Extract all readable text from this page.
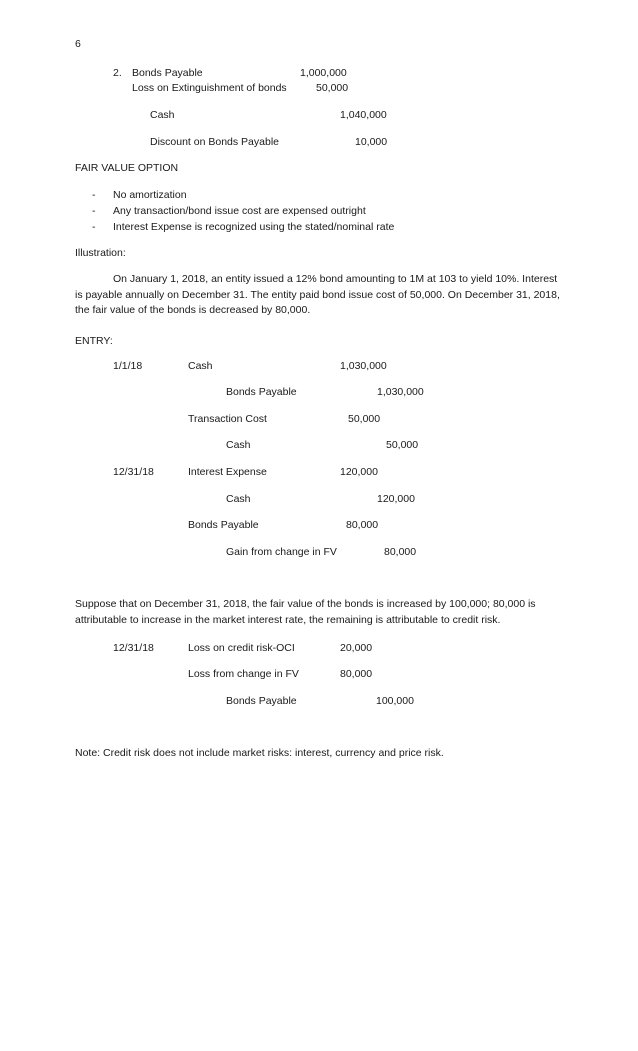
6
2. Bonds Payable	1,000,000
Loss on Extinguishment of bonds	50,000
Cash	1,040,000
Discount on Bonds Payable	10,000
FAIR VALUE OPTION
- No amortization
- Any transaction/bond issue cost are expensed outright
- Interest Expense is recognized using the stated/nominal rate
Illustration:
On January 1, 2018, an entity issued a 12% bond amounting to 1M at 103 to yield 10%. Interest is payable annually on December 31. The entity paid bond issue cost of 50,000. On December 31, 2018, the fair value of the bonds is decreased by 80,000.
ENTRY:
1/1/18	Cash	1,030,000
Bonds Payable	1,030,000
Transaction Cost	50,000
Cash	50,000
12/31/18	Interest Expense	120,000
Cash	120,000
Bonds Payable	80,000
Gain from change in FV	80,000
Suppose that on December 31, 2018, the fair value of the bonds is increased by 100,000; 80,000 is attributable to increase in the market interest rate, the remaining is attributable to credit risk.
12/31/18	Loss on credit risk-OCI	20,000
Loss from change in FV	80,000
Bonds Payable	100,000
Note: Credit risk does not include market risks: interest, currency and price risk.
